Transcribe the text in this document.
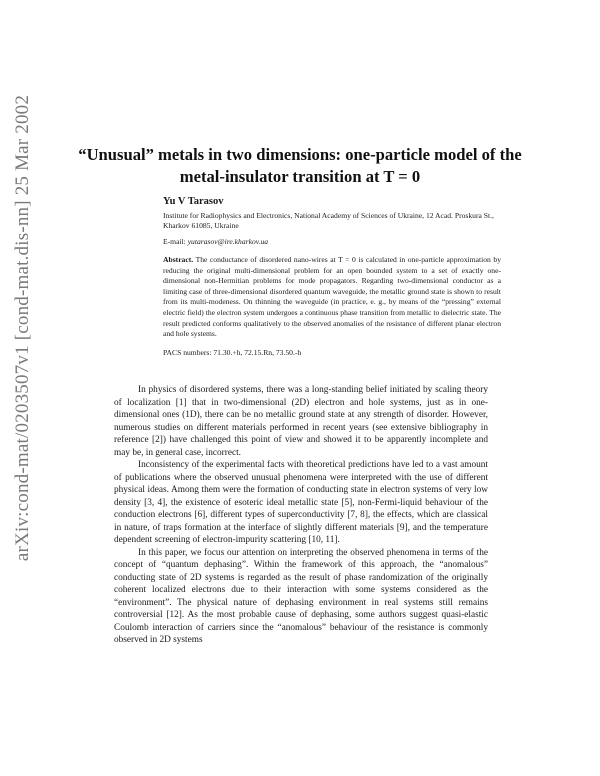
arXiv:cond-mat/0203507v1 [cond-mat.dis-nn] 25 Mar 2002	“Unusual” metals in two dimensions: one-particle model of the metal-insulator transition at T = 0
Yu V Tarasov
Institute for Radiophysics and Electronics, National Academy of Sciences of Ukraine, 12 Acad. Proskura St., Kharkov 61085, Ukraine
E-mail: yutarasov@ire.kharkov.ua
Abstract. The conductance of disordered nano-wires at T = 0 is calculated in one-particle approximation by reducing the original multi-dimensional problem for an open bounded system to a set of exactly one-dimensional non-Hermitian problems for mode propagators. Regarding two-dimensional conductor as a limiting case of three-dimensional disordered quantum waveguide, the metallic ground state is shown to result from its multi-modeness. On thinning the waveguide (in practice, e. g., by means of the “pressing” external electric field) the electron system undergoes a continuous phase transition from metallic to dielectric state. The result predicted conforms qualitatively to the observed anomalies of the resistance of different planar electron and hole systems.
PACS numbers: 71.30.+h, 72.15.Rn, 73.50.-h

In physics of disordered systems, there was a long-standing belief initiated by scaling theory of localization [1] that in two-dimensional (2D) electron and hole systems, just as in one-dimensional ones (1D), there can be no metallic ground state at any strength of disorder. However, numerous studies on different materials performed in recent years (see extensive bibliography in reference [2]) have challenged this point of view and showed it to be apparently incomplete and may be, in general case, incorrect.

Inconsistency of the experimental facts with theoretical predictions have led to a vast amount of publications where the observed unusual phenomena were interpreted with the use of different physical ideas. Among them were the formation of conducting state in electron systems of very low density [3, 4], the existence of esoteric ideal metallic state [5], non-Fermi-liquid behaviour of the conduction electrons [6], different types of superconductivity [7, 8], the effects, which are classical in nature, of traps formation at the interface of slightly different materials [9], and the temperature dependent screening of electron-impurity scattering [10, 11].

In this paper, we focus our attention on interpreting the observed phenomena in terms of the concept of “quantum dephasing”. Within the framework of this approach, the “anomalous” conducting state of 2D systems is regarded as the result of phase randomization of the originally coherent localized electrons due to their interaction with some systems considered as the “environment”. The physical nature of dephasing environment in real systems still remains controversial [12]. As the most probable cause of dephasing, some authors suggest quasi-elastic Coulomb interaction of carriers since the “anomalous” behaviour of the resistance is commonly observed in 2D systems
